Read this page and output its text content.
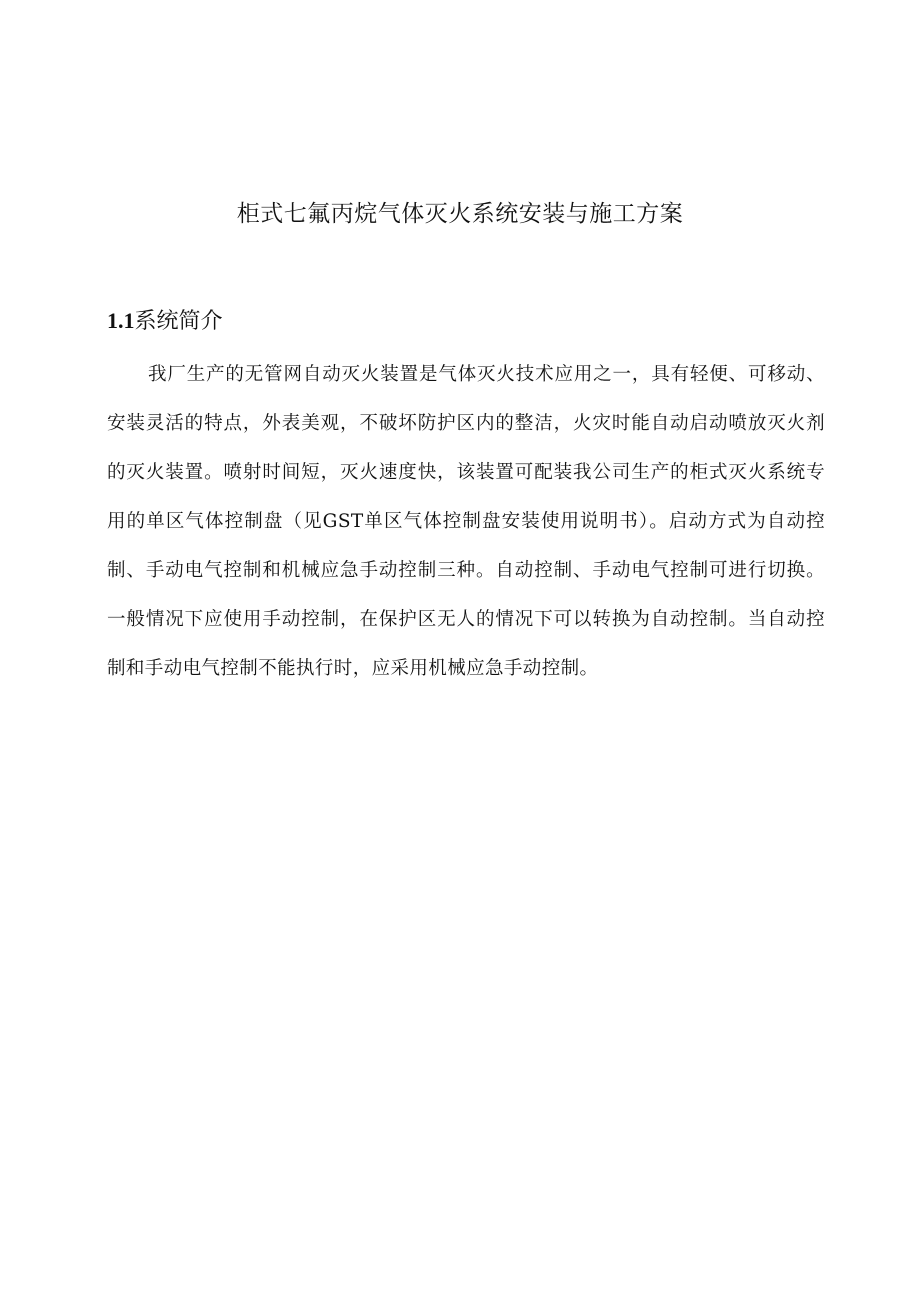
柜式七氟丙烷气体灭火系统安装与施工方案
1.1系统简介

我厂生产的无管网自动灭火装置是气体灭火技术应用之一，具有轻便、可移动、安装灵活的特点，外表美观，不破坏防护区内的整洁，火灾时能自动启动喷放灭火剂的灭火装置。喷射时间短，灭火速度快，该装置可配装我公司生产的柜式灭火系统专用的单区气体控制盘（见GST单区气体控制盘安装使用说明书）。启动方式为自动控制、手动电气控制和机械应急手动控制三种。自动控制、手动电气控制可进行切换。一般情况下应使用手动控制，在保护区无人的情况下可以转换为自动控制。当自动控制和手动电气控制不能执行时，应采用机械应急手动控制。
